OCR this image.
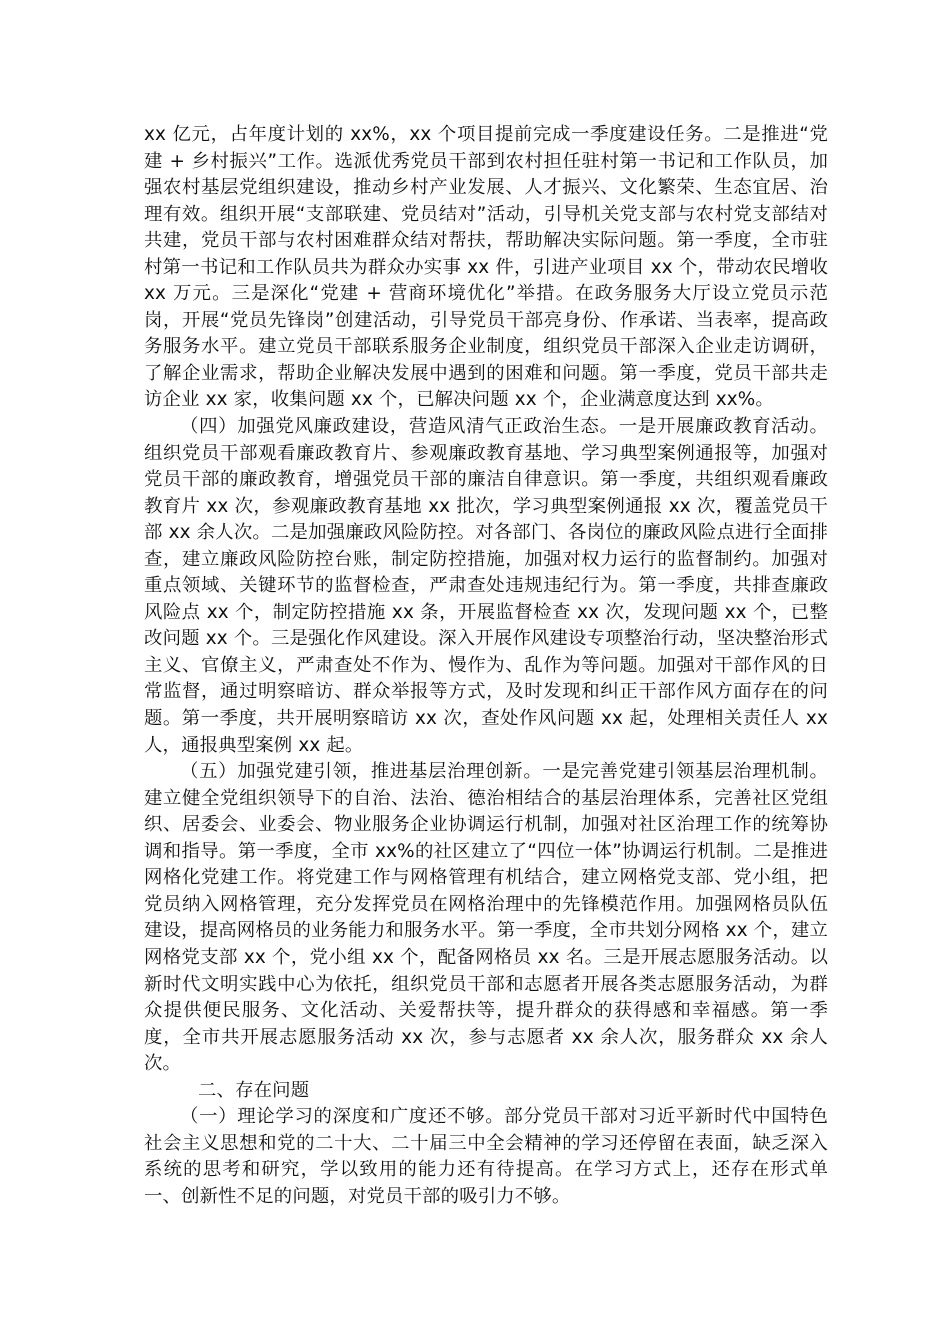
xx 亿元，占年度计划的 xx%，xx 个项目提前完成一季度建设任务。二是推进“党建 + 乡村振兴”工作。选派优秀党员干部到农村担任驻村第一书记和工作队员，加强农村基层党组织建设，推动乡村产业发展、人才振兴、文化繁荣、生态宜居、治理有效。组织开展“支部联建、党员结对”活动，引导机关党支部与农村党支部结对共建，党员干部与农村困难群众结对帮扶，帮助解决实际问题。第一季度，全市驻村第一书记和工作队员共为群众办实事 xx 件，引进产业项目 xx 个，带动农民增收 xx 万元。三是深化“党建 + 营商环境优化”举措。在政务服务大厅设立党员示范岗，开展“党员先锋岗”创建活动，引导党员干部亮身份、作承诺、当表率，提高政务服务水平。建立党员干部联系服务企业制度，组织党员干部深入企业走访调研，了解企业需求，帮助企业解决发展中遇到的困难和问题。第一季度，党员干部共走访企业 xx 家，收集问题 xx 个，已解决问题 xx 个，企业满意度达到 xx%。

（四）加强党风廉政建设，营造风清气正政治生态。一是开展廉政教育活动。组织党员干部观看廉政教育片、参观廉政教育基地、学习典型案例通报等，加强对党员干部的廉政教育，增强党员干部的廉洁自律意识。第一季度，共组织观看廉政教育片 xx 次，参观廉政教育基地 xx 批次，学习典型案例通报 xx 次，覆盖党员干部 xx 余人次。二是加强廉政风险防控。对各部门、各岗位的廉政风险点进行全面排查，建立廉政风险防控台账，制定防控措施，加强对权力运行的监督制约。加强对重点领域、关键环节的监督检查，严肃查处违规违纪行为。第一季度，共排查廉政风险点 xx 个，制定防控措施 xx 条，开展监督检查 xx 次，发现问题 xx 个，已整改问题 xx 个。三是强化作风建设。深入开展作风建设专项整治行动，坚决整治形式主义、官僚主义，严肃查处不作为、慢作为、乱作为等问题。加强对干部作风的日常监督，通过明察暗访、群众举报等方式，及时发现和纠正干部作风方面存在的问题。第一季度，共开展明察暗访 xx 次，查处作风问题 xx 起，处理相关责任人 xx 人，通报典型案例 xx 起。

（五）加强党建引领，推进基层治理创新。一是完善党建引领基层治理机制。建立健全党组织领导下的自治、法治、德治相结合的基层治理体系，完善社区党组织、居委会、业委会、物业服务企业协调运行机制，加强对社区治理工作的统筹协调和指导。第一季度，全市 xx%的社区建立了“四位一体”协调运行机制。二是推进网格化党建工作。将党建工作与网格管理有机结合，建立网格党支部、党小组，把党员纳入网格管理，充分发挥党员在网格治理中的先锋模范作用。加强网格员队伍建设，提高网格员的业务能力和服务水平。第一季度，全市共划分网格 xx 个，建立网格党支部 xx 个，党小组 xx 个，配备网格员 xx 名。三是开展志愿服务活动。以新时代文明实践中心为依托，组织党员干部和志愿者开展各类志愿服务活动，为群众提供便民服务、文化活动、关爱帮扶等，提升群众的获得感和幸福感。第一季度，全市共开展志愿服务活动 xx 次，参与志愿者 xx 余人次，服务群众 xx 余人次。

二、存在问题

（一）理论学习的深度和广度还不够。部分党员干部对习近平新时代中国特色社会主义思想和党的二十大、二十届三中全会精神的学习还停留在表面，缺乏深入系统的思考和研究，学以致用的能力还有待提高。在学习方式上，还存在形式单一、创新性不足的问题，对党员干部的吸引力不够。
